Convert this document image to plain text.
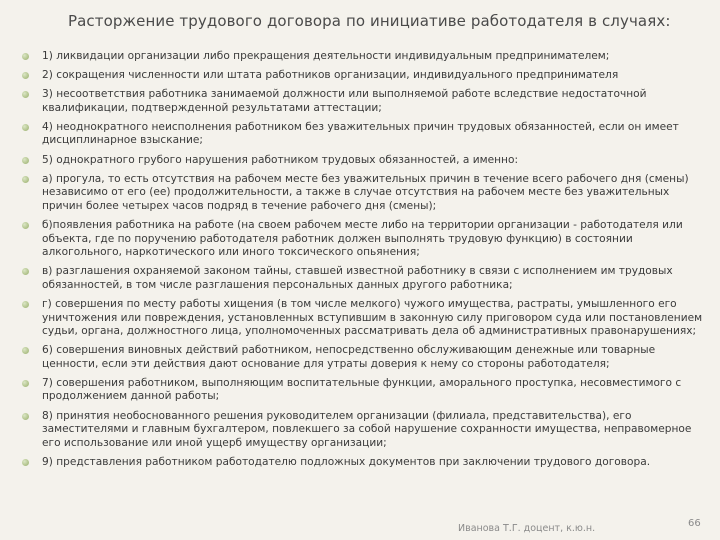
Расторжение трудового договора по инициативе работодателя в случаях:
1) ликвидации организации либо прекращения деятельности индивидуальным предпринимателем;
2) сокращения численности или штата работников организации, индивидуального предпринимателя
3) несоответствия работника занимаемой должности или выполняемой работе вследствие недостаточной квалификации, подтвержденной результатами аттестации;
4) неоднократного неисполнения работником без уважительных причин трудовых обязанностей, если он имеет дисциплинарное взыскание;
5) однократного грубого нарушения работником трудовых обязанностей, а именно:
а) прогула, то есть отсутствия на рабочем месте без уважительных причин в течение всего рабочего дня (смены) независимо от его (ее) продолжительности, а также в случае отсутствия на рабочем месте без уважительных причин более четырех часов подряд в течение рабочего дня (смены);
б)появления работника на работе (на своем рабочем месте либо на территории организации - работодателя или объекта, где по поручению работодателя работник должен выполнять трудовую функцию) в состоянии алкогольного, наркотического или иного токсического опьянения;
в) разглашения охраняемой законом тайны, ставшей известной работнику в связи с исполнением им трудовых обязанностей, в том числе разглашения персональных данных другого работника;
г) совершения по месту работы хищения (в том числе мелкого) чужого имущества, растраты, умышленного его уничтожения или повреждения, установленных вступившим в законную силу приговором суда или постановлением судьи, органа, должностного лица, уполномоченных рассматривать дела об административных правонарушениях;
6) совершения виновных действий работником, непосредственно обслуживающим денежные или товарные ценности, если эти действия дают основание для утраты доверия к нему со стороны работодателя;
7) совершения работником, выполняющим воспитательные функции, аморального проступка, несовместимого с продолжением данной работы;
8) принятия необоснованного решения руководителем организации (филиала, представительства), его заместителями и главным бухгалтером, повлекшего за собой нарушение сохранности имущества, неправомерное его использование или иной ущерб имуществу организации;
9) представления работником работодателю подложных документов при заключении трудового договора.
Иванова Т.Г. доцент, к.ю.н.	66
